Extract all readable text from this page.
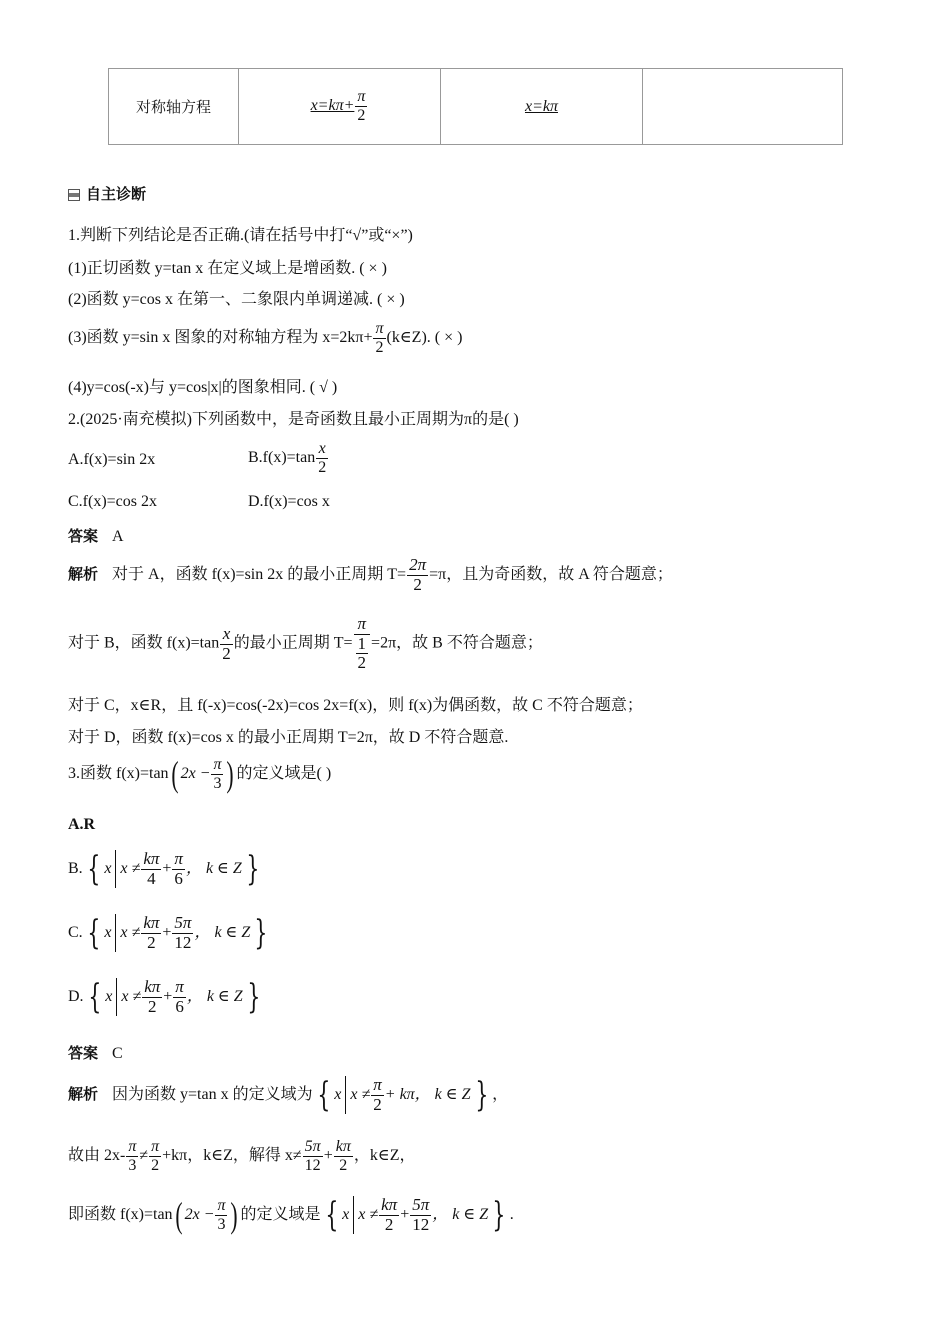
对称轴方程	$x=k\pi+ \frac{\pi}{2}$	x=kπ	
自主诊断
1.判断下列结论是否正确.(请在括号中打“√”或“×”)
(1)正切函数 y=tan x 在定义域上是增函数. ( × )
(2)函数 y=cos x 在第一、二象限内单调递减. ( × )
(3)函数 y=sin x 图象的对称轴方程为 $x=2k\pi+ \frac{\pi}{2}$ (k∈Z). ( × )
(4)y=cos(-x)与 y=cos|x|的图象相同. ( √ )
2.(2025·南充模拟)下列函数中，是奇函数且最小正周期为π的是( )
A.f(x)=sin 2x	$B.f(x)=\tan \frac{x}{2}$
C.f(x)=cos 2x	D.f(x)=cos x
答案 A
解析 对于 A，函数 f(x)=sin 2x 的最小正周期 $T= \frac{2\pi}{2} =\pi$，且为奇函数，故 A 符合题意；
对于 B，函数 $f(x)=\tan \frac{x}{2}$ 的最小正周期 $T= \frac{\pi}{\frac{1}{2}} =2\pi$，故 B 不符合题意；
对于 C，x∈R，且 f(-x)=cos(-2x)=cos 2x=f(x)，则 f(x)为偶函数，故 C 不符合题意；
对于 D，函数 f(x)=cos x 的最小正周期 T=2π，故 D 不符合题意.
3.函数 f(x)=tan( $2x - \frac{\pi}{3}$ ) 的定义域是( )
A.R
B. { x $x \ne \frac{k\pi}{4} + \frac{\pi}{6}$ ， k ∈ Z }
C. { x $x \ne \frac{k\pi}{2} + \frac{5\pi}{12}$ ， k ∈ Z }
D. { x $x \ne \frac{k\pi}{2} + \frac{\pi}{6}$ ， k ∈ Z }
答案 C
解析 因为函数 y=tan x 的定义域为 { x $x \ne \frac{\pi}{2} + k\pi$， k ∈ Z } ，
故由 $2x- \frac{\pi}{3} \ne \frac{\pi}{2} +k\pi$，k∈Z，解得 $x\ne \frac{5\pi}{12} + \frac{k\pi}{2}$ ，k∈Z，
即函数 f(x)=tan( $2x - \frac{\pi}{3}$ ) 的定义域是 { x $x \ne \frac{k\pi}{2} + \frac{5\pi}{12}$ ， k ∈ Z } .
